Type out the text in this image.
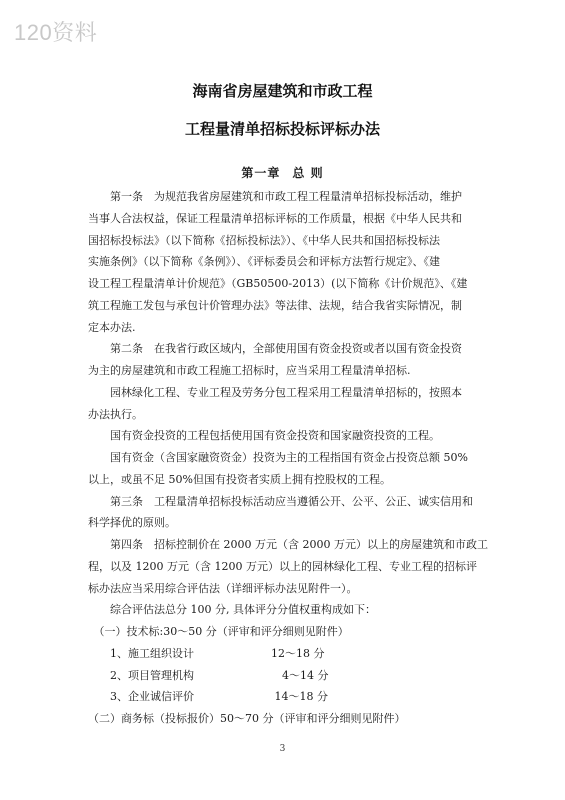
120资料
海南省房屋建筑和市政工程
工程量清单招标投标评标办法
第一章 总 则
　　第一条　为规范我省房屋建筑和市政工程工程量清单招标投标活动，维护
当事人合法权益，保证工程量清单招标评标的工作质量，根据《中华人民共和
国招标投标法》（以下简称《招标投标法》）、《中华人民共和国招标投标法
实施条例》（以下简称《条例》）、《评标委员会和评标方法暂行规定》、《建
设工程工程量清单计价规范》（GB50500-2013）(以下简称《计价规范》、《建
筑工程施工发包与承包计价管理办法》等法律、法规，结合我省实际情况，制
定本办法.
　　第二条　在我省行政区域内，全部使用国有资金投资或者以国有资金投资
为主的房屋建筑和市政工程施工招标时，应当采用工程量清单招标.
　　园林绿化工程、专业工程及劳务分包工程采用工程量清单招标的，按照本
办法执行。
　　国有资金投资的工程包括使用国有资金投资和国家融资投资的工程。
　　国有资金（含国家融资资金）投资为主的工程指国有资金占投资总额 50%
以上，或虽不足 50%但国有投资者实质上拥有控股权的工程。
　　第三条　工程量清单招标投标活动应当遵循公开、公平、公正、诚实信用和
科学择优的原则。
　　第四条　招标控制价在 2000 万元（含 2000 万元）以上的房屋建筑和市政工
程，以及 1200 万元（含 1200 万元）以上的园林绿化工程、专业工程的招标评
标办法应当采用综合评估法（详细评标办法见附件一）。
　　综合评估法总分 100 分, 具体评分分值权重构成如下：
　（一）技术标:30～50 分（评审和评分细则见附件）
　　1、施工组织设计　　　　　　　12～18 分
　　2、项目管理机构　　　　　　　　4～14 分
　　3、企业诚信评价　　　　　　　 14～18 分
（二）商务标（投标报价）50～70 分（评审和评分细则见附件）
3
